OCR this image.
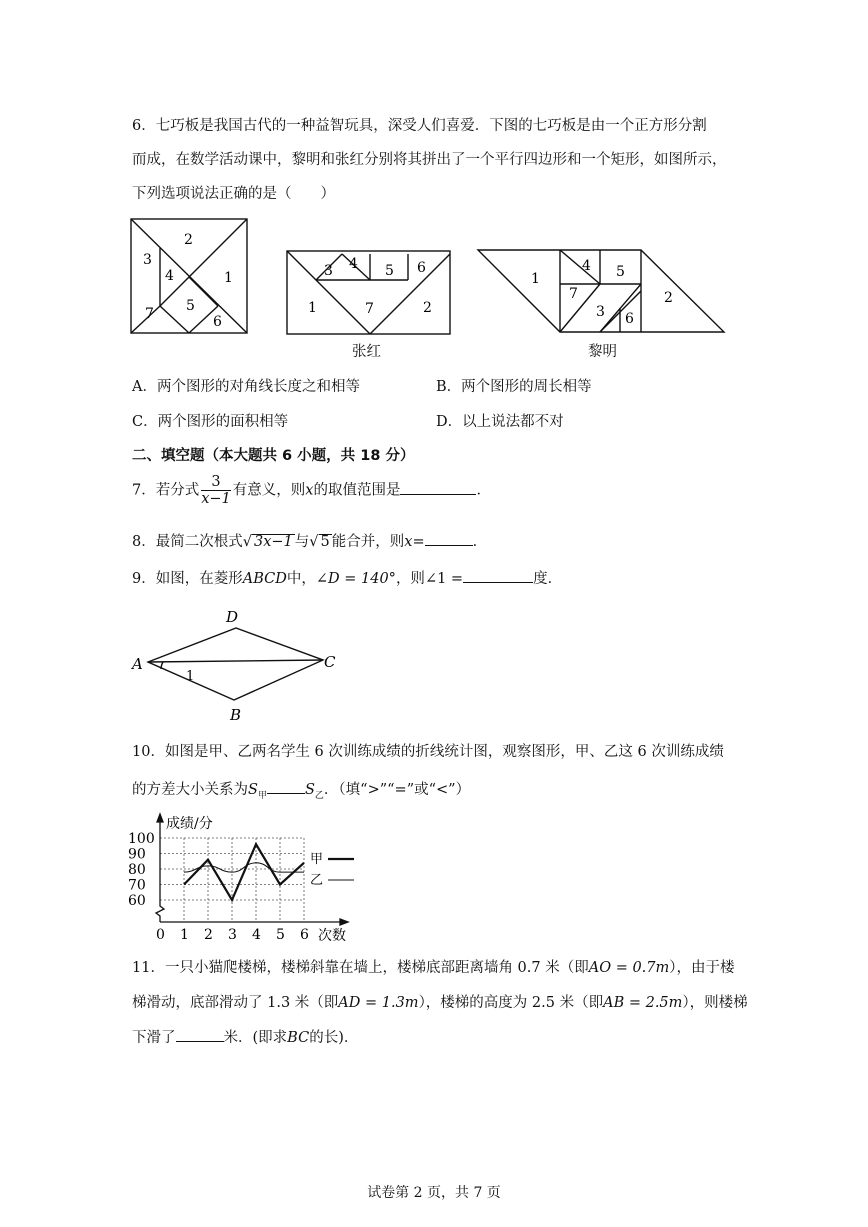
6．七巧板是我国古代的一种益智玩具，深受人们喜爱．下图的七巧板是由一个正方形分割
而成，在数学活动课中，黎明和张红分别将其拼出了一个平行四边形和一个矩形，如图所示，
下列选项说法正确的是（　　）
2
3
4	1
7 5
6
3 4 5 6
1	7	2
张红
1
4 5
7
3 6
2
黎明
A．两个图形的对角线长度之和相等	B．两个图形的周长相等
C．两个图形的面积相等	D．以上说法都不对
二、填空题（本大题共 6 小题，共 18 分）
7．若分式 $\frac{3}{x-1}$ 有意义，则x的取值范围是	．
8．最简二次根式√ 3x−1 与√ 5 能合并，则x=	．
9．如图，在菱形ABCD中，∠D = 140°，则∠1 =	度．
D
A	C
B
1
10．如图是甲、乙两名学生 6 次训练成绩的折线统计图，观察图形，甲、乙这 6 次训练成绩
的方差大小关系为$S_甲$	$S_乙$．（填“>”“=”或“<”）
60
70
80
90
100
0 1 2 3 4 5 6
成绩/分
次数
甲
乙
11．一只小猫爬楼梯，楼梯斜靠在墙上，楼梯底部距离墙角 0.7 米（即AO = 0.7m），由于楼
梯滑动，底部滑动了 1.3 米（即AD = 1.3m），楼梯的高度为 2.5 米（即AB = 2.5m），则楼梯
下滑了	米．(即求BC的长)．
试卷第 2 页，共 7 页
